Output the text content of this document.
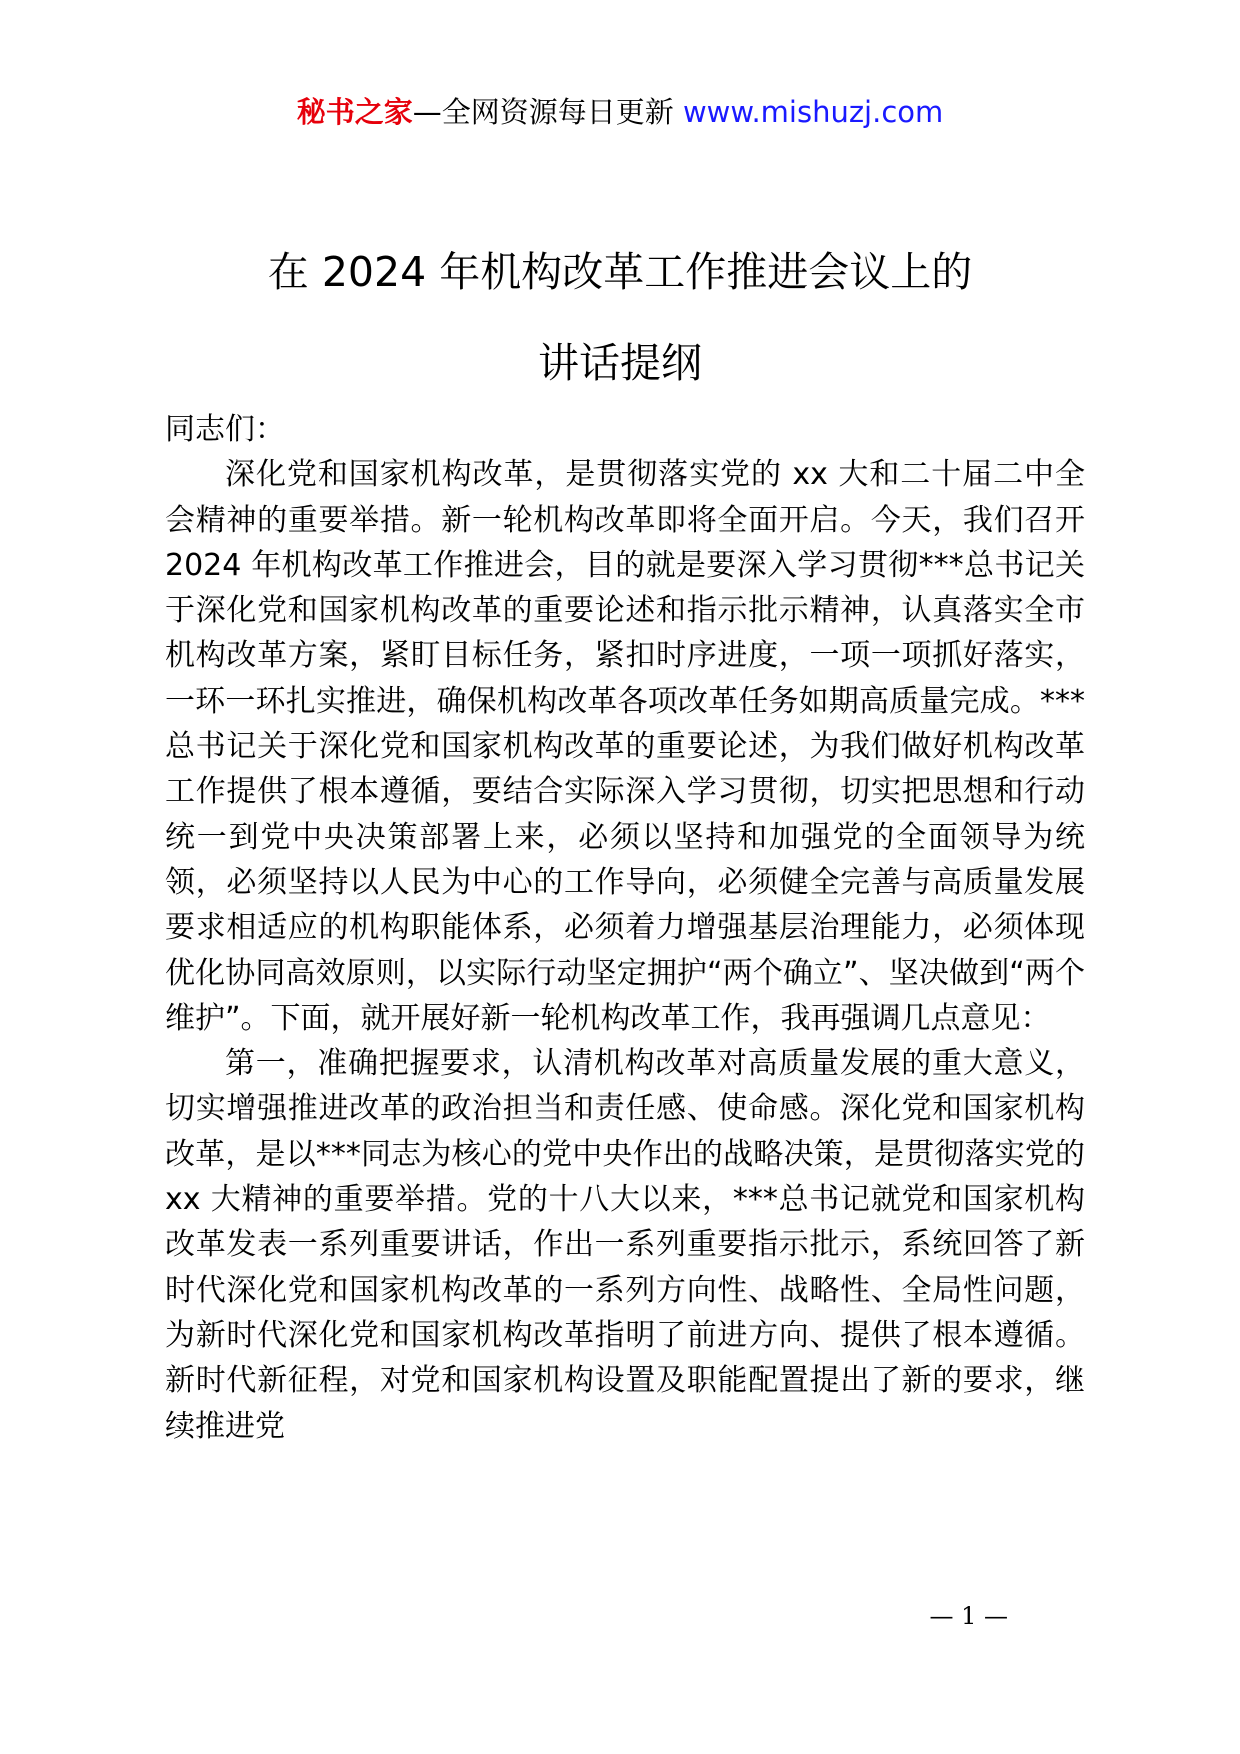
秘书之家—全网资源每日更新 www.mishuzj.com
在 2024 年机构改革工作推进会议上的
讲话提纲

同志们：

深化党和国家机构改革，是贯彻落实党的 xx 大和二十届二中全会精神的重要举措。新一轮机构改革即将全面开启。今天，我们召开 2024 年机构改革工作推进会，目的就是要深入学习贯彻***总书记关于深化党和国家机构改革的重要论述和指示批示精神，认真落实全市机构改革方案，紧盯目标任务，紧扣时序进度，一项一项抓好落实，一环一环扎实推进，确保机构改革各项改革任务如期高质量完成。***总书记关于深化党和国家机构改革的重要论述，为我们做好机构改革工作提供了根本遵循，要结合实际深入学习贯彻，切实把思想和行动统一到党中央决策部署上来，必须以坚持和加强党的全面领导为统领，必须坚持以人民为中心的工作导向，必须健全完善与高质量发展要求相适应的机构职能体系，必须着力增强基层治理能力，必须体现优化协同高效原则，以实际行动坚定拥护“两个确立”、坚决做到“两个维护”。下面，就开展好新一轮机构改革工作，我再强调几点意见：

第一，准确把握要求，认清机构改革对高质量发展的重大意义，切实增强推进改革的政治担当和责任感、使命感。深化党和国家机构改革，是以***同志为核心的党中央作出的战略决策，是贯彻落实党的 xx 大精神的重要举措。党的十八大以来，***总书记就党和国家机构改革发表一系列重要讲话，作出一系列重要指示批示，系统回答了新时代深化党和国家机构改革的一系列方向性、战略性、全局性问题，为新时代深化党和国家机构改革指明了前进方向、提供了根本遵循。新时代新征程，对党和国家机构设置及职能配置提出了新的要求，继续推进党

— 1 —
